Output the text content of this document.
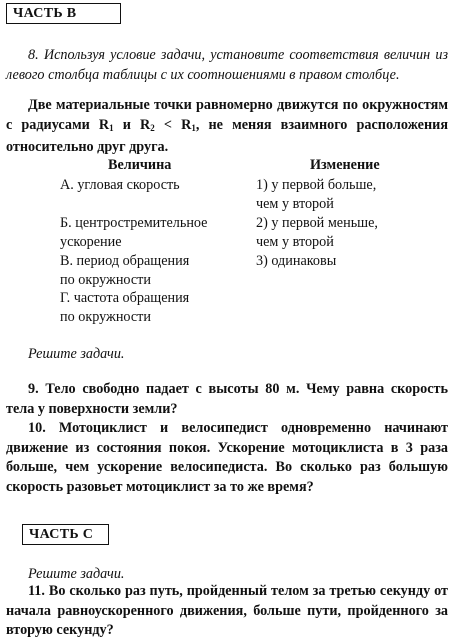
ЧАСТЬ В
8. Используя условие задачи, установите соответствия величин из левого столбца таблицы с их соотношениями в правом столбце.
Две материальные точки равномерно движутся по окружностям с радиусами $R_1$ и $R_2 < R_1$, не меняя взаимного расположения относительно друг друга.
Величина	Изменение
А. угловая скорость
Б. центростремительное
ускорение
В. период обращения
по окружности
Г. частота обращения
по окружности
1) у первой больше,
чем у второй
2) у первой меньше,
чем у второй
3) одинаковы
Решите задачи.
9. Тело свободно падает с высоты 80 м. Чему равна скорость тела у поверхности земли?
10. Мотоциклист и велосипедист одновременно начинают движение из состояния покоя. Ускорение мотоциклиста в 3 раза больше, чем ускорение велосипедиста. Во сколько раз большую скорость разовьет мотоциклист за то же время?
ЧАСТЬ С
Решите задачи.
11. Во сколько раз путь, пройденный телом за третью секунду от начала равноускоренного движения, больше пути, пройденного за вторую секунду?
